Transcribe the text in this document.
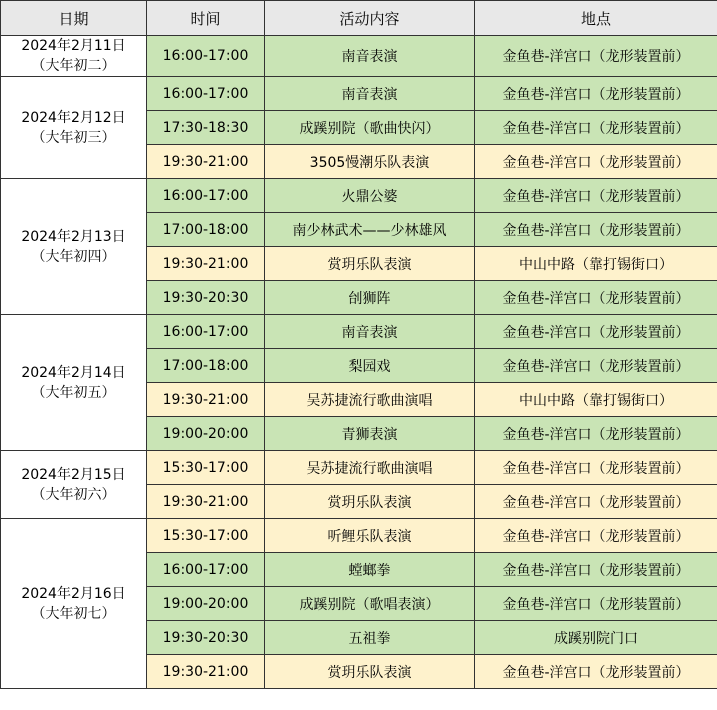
日期	时间	活动内容	地点

2024年2月11日
（大年初二）	16:00-17:00	南音表演	金鱼巷-洋宫口（龙形装置前）

2024年2月12日
（大年初三）	16:00-17:00	南音表演	金鱼巷-洋宫口（龙形装置前）
	17:30-18:30	成蹊别院（歌曲快闪）	金鱼巷-洋宫口（龙形装置前）
	19:30-21:00	3505慢潮乐队表演	金鱼巷-洋宫口（龙形装置前）

2024年2月13日
（大年初四）	16:00-17:00	火鼎公婆	金鱼巷-洋宫口（龙形装置前）
	17:00-18:00	南少林武术——少林雄风	金鱼巷-洋宫口（龙形装置前）
	19:30-21:00	赏玥乐队表演	中山中路（靠打锡街口）
	19:30-20:30	刣狮阵	金鱼巷-洋宫口（龙形装置前）

2024年2月14日
（大年初五）	16:00-17:00	南音表演	金鱼巷-洋宫口（龙形装置前）
	17:00-18:00	梨园戏	金鱼巷-洋宫口（龙形装置前）
	19:30-21:00	吴苏捷流行歌曲演唱	中山中路（靠打锡街口）
	19:00-20:00	青狮表演	金鱼巷-洋宫口（龙形装置前）

2024年2月15日
（大年初六）	15:30-17:00	吴苏捷流行歌曲演唱	金鱼巷-洋宫口（龙形装置前）
	19:30-21:00	赏玥乐队表演	金鱼巷-洋宫口（龙形装置前）

2024年2月16日
（大年初七）	15:30-17:00	听鲤乐队表演	金鱼巷-洋宫口（龙形装置前）
	16:00-17:00	螳螂拳	金鱼巷-洋宫口（龙形装置前）
	19:00-20:00	成蹊别院（歌唱表演）	金鱼巷-洋宫口（龙形装置前）
	19:30-20:30	五祖拳	成蹊别院门口
	19:30-21:00	赏玥乐队表演	金鱼巷-洋宫口（龙形装置前）
